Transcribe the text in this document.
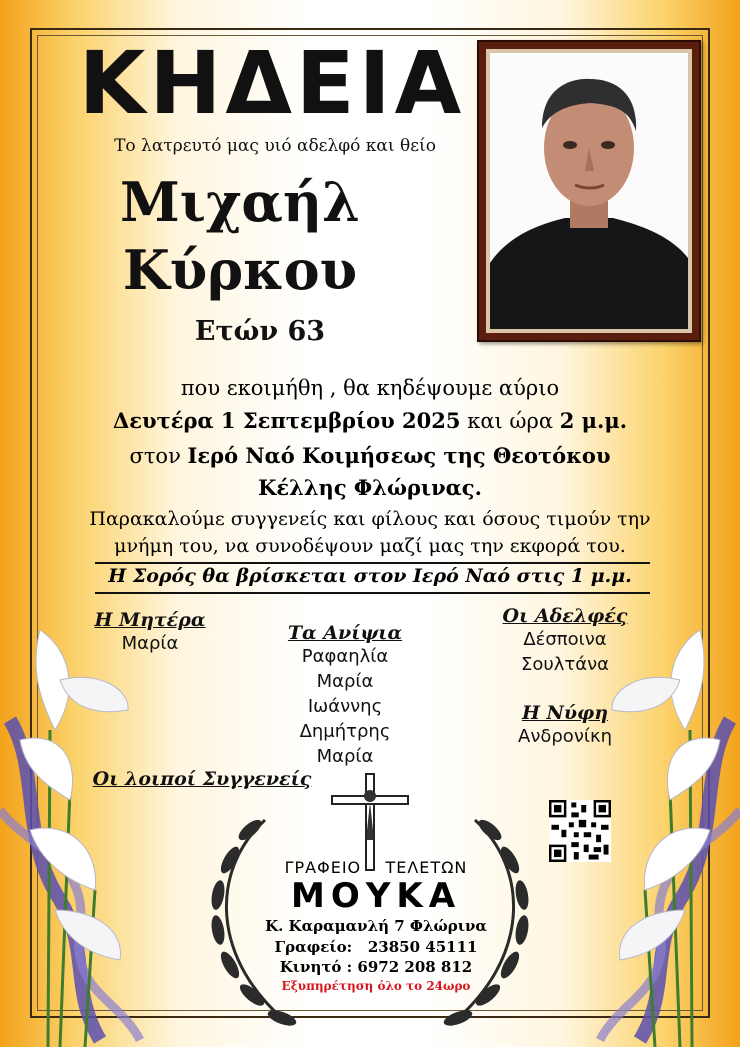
ΚΗΔΕΙΑ
Το λατρευτό μας υιό αδελφό και θείο
Μιχαήλ
Κύρκου
Ετών 63
που εκοιμήθη , θα κηδέψουμε αύριο
Δευτέρα 1 Σεπτεμβρίου 2025 και ώρα 2 μ.μ.
στον Ιερό Ναό Κοιμήσεως της Θεοτόκου
Κέλλης Φλώρινας.
Παρακαλούμε συγγενείς και φίλους και όσους τιμούν την
μνήμη του, να συνοδέψουν μαζί μας την εκφορά του.
Η Σορός θα βρίσκεται στον Ιερό Ναό στις 1 μ.μ.
Η Μητέρα
Μαρία	Τα Ανίψια
Ραφαηλία
Μαρία
Ιωάννης
Δημήτρης
Μαρία
Οι Αδελφές
Δέσποινα
Σουλτάνα
Η Νύφη
Ανδρονίκη
Οι λοιποί Συγγενείς
ΓΡΑΦΕΙΟ    ΤΕΛΕΤΩΝ
ΜΟΥΚΑ
Κ. Καραμανλή 7 Φλώρινα
Γραφείο:   23850 45111
Κινητό : 6972 208 812
Εξυπηρέτηση όλο το 24ωρο
